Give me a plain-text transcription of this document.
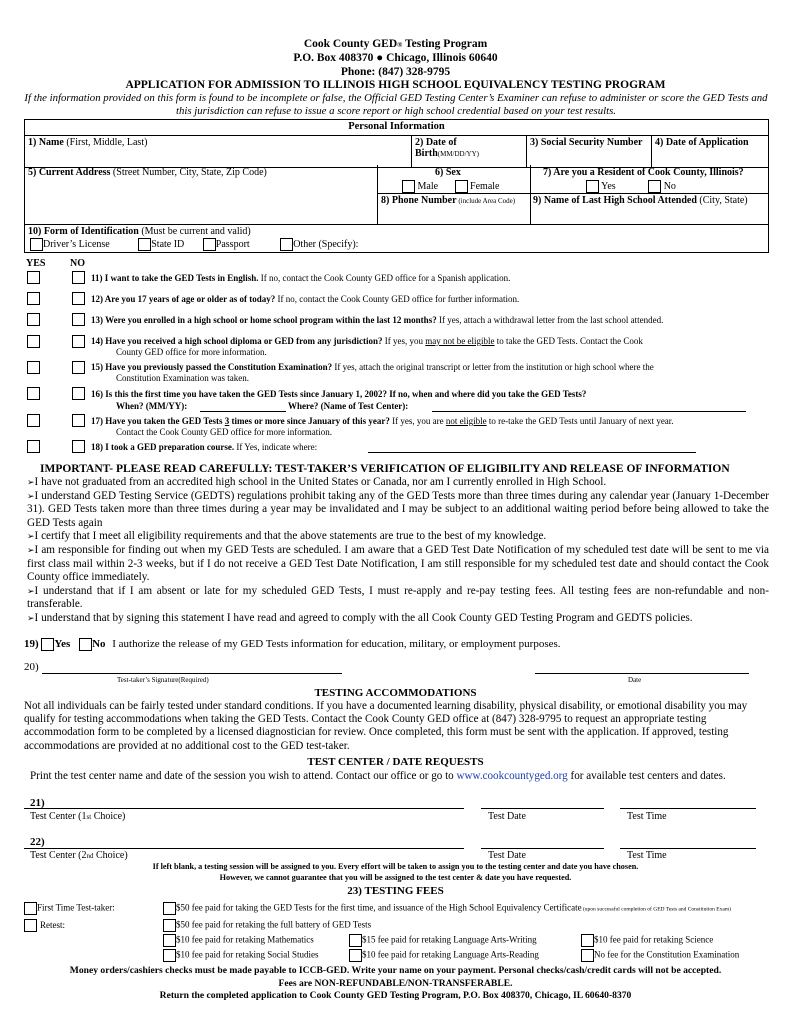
Cook County GED® Testing Program
P.O. Box 408370 ● Chicago, Illinois 60640
Phone: (847) 328-9795
APPLICATION FOR ADMISSION TO ILLINOIS HIGH SCHOOL EQUIVALENCY TESTING PROGRAM
If the information provided on this form is found to be incomplete or false, the Official GED Testing Center’s Examiner can refuse to administer or score the GED Tests and this jurisdiction can refuse to issue a score report or high school credential based on your test results.
Personal Information
1) Name (First, Middle, Last)	2) Date of Birth(MM/DD/YY)	3) Social Security Number	4) Date of Application
5) Current Address (Street Number, City, State, Zip Code)	6) Sex
Male	Female
7) Are you a Resident of Cook County, Illinois?
Yes	No
8) Phone Number (include Area Code) 9) Name of Last High School Attended (City, State)
10) Form of Identification (Must be current and valid)
Driver’s License	State ID	Passport	Other (Specify):
YES NO
11) I want to take the GED Tests in English. If no, contact the Cook County GED office for a Spanish application.
12) Are you 17 years of age or older as of today? If no, contact the Cook County GED office for further information.
13) Were you enrolled in a high school or home school program within the last 12 months? If yes, attach a withdrawal letter from the last school attended.
14) Have you received a high school diploma or GED from any jurisdiction? If yes, you may not be eligible to take the GED Tests. Contact the Cook
County GED office for more information.
15) Have you previously passed the Constitution Examination? If yes, attach the original transcript or letter from the institution or high school where the
Constitution Examination was taken.
16) Is this the first time you have taken the GED Tests since January 1, 2002? If no, when and where did you take the GED Tests?
When? (MM/YY):	Where? (Name of Test Center):
17) Have you taken the GED Tests 3 times or more since January of this year? If yes, you are not eligible to re-take the GED Tests until January of next year.
Contact the Cook County GED office for more information.
18) I took a GED preparation course. If Yes, indicate where:
IMPORTANT- PLEASE READ CAREFULLY: TEST-TAKER’S VERIFICATION OF ELIGIBILITY AND RELEASE OF INFORMATION

➢I have not graduated from an accredited high school in the United States or Canada, nor am I currently enrolled in High School.

➢I understand GED Testing Service (GEDTS) regulations prohibit taking any of the GED Tests more than three times during any calendar year (January 1-December 31). GED Tests taken more than three times during a year may be invalidated and I may be subject to an additional waiting period before being allowed to take the GED Tests again

➢I certify that I meet all eligibility requirements and that the above statements are true to the best of my knowledge.

➢I am responsible for finding out when my GED Tests are scheduled. I am aware that a GED Test Date Notification of my scheduled test date will be sent to me via first class mail within 2-3 weeks, but if I do not receive a GED Test Date Notification, I am still responsible for my scheduled test date and should contact the Cook County office immediately.

➢I understand that if I am absent or late for my scheduled GED Tests, I must re-apply and re-pay testing fees. All testing fees are non-refundable and non-transferable.

➢I understand that by signing this statement I have read and agreed to comply with the all Cook County GED Testing Program and GEDTS policies.

19) Yes No I authorize the release of my GED Tests information for education, military, or employment purposes.
20)
Test-taker’s Signature(Required)	Date
TESTING ACCOMMODATIONS
Not all individuals can be fairly tested under standard conditions. If you have a documented learning disability, physical disability, or emotional disability you may qualify for testing accommodations when taking the GED Tests. Contact the Cook County GED office at (847) 328-9795 to request an appropriate testing accommodation form to be completed by a licensed diagnostician for review. Once completed, this form must be sent with the application. If approved, testing accommodations are provided at no additional cost to the GED test-taker.
TEST CENTER / DATE REQUESTS
Print the test center name and date of the session you wish to attend. Contact our office or go to www.cookcountyged.org for available test centers and dates.
21)
Test Center (1st Choice)	Test Date	Test Time
22)
Test Center (2nd Choice)	Test Date	Test Time
If left blank, a testing session will be assigned to you. Every effort will be taken to assign you to the testing center and date you have chosen.
However, we cannot guarantee that you will be assigned to the test center & date you have requested.
23) TESTING FEES
First Time Test-taker:
Retest:
$50 fee paid for taking the GED Tests for the first time, and issuance of the High School Equivalency Certificate (upon successful completion of GED Tests and Constitution Exam)
$50 fee paid for retaking the full battery of GED Tests
$10 fee paid for retaking Mathematics	$15 fee paid for retaking Language Arts-Writing	$10 fee paid for retaking Science
$10 fee paid for retaking Social Studies	$10 fee paid for retaking Language Arts-Reading	No fee for the Constitution Examination
Money orders/cashiers checks must be made payable to ICCB-GED. Write your name on your payment. Personal checks/cash/credit cards will not be accepted.
Fees are NON-REFUNDABLE/NON-TRANSFERABLE.
Return the completed application to Cook County GED Testing Program, P.O. Box 408370, Chicago, IL 60640-8370
